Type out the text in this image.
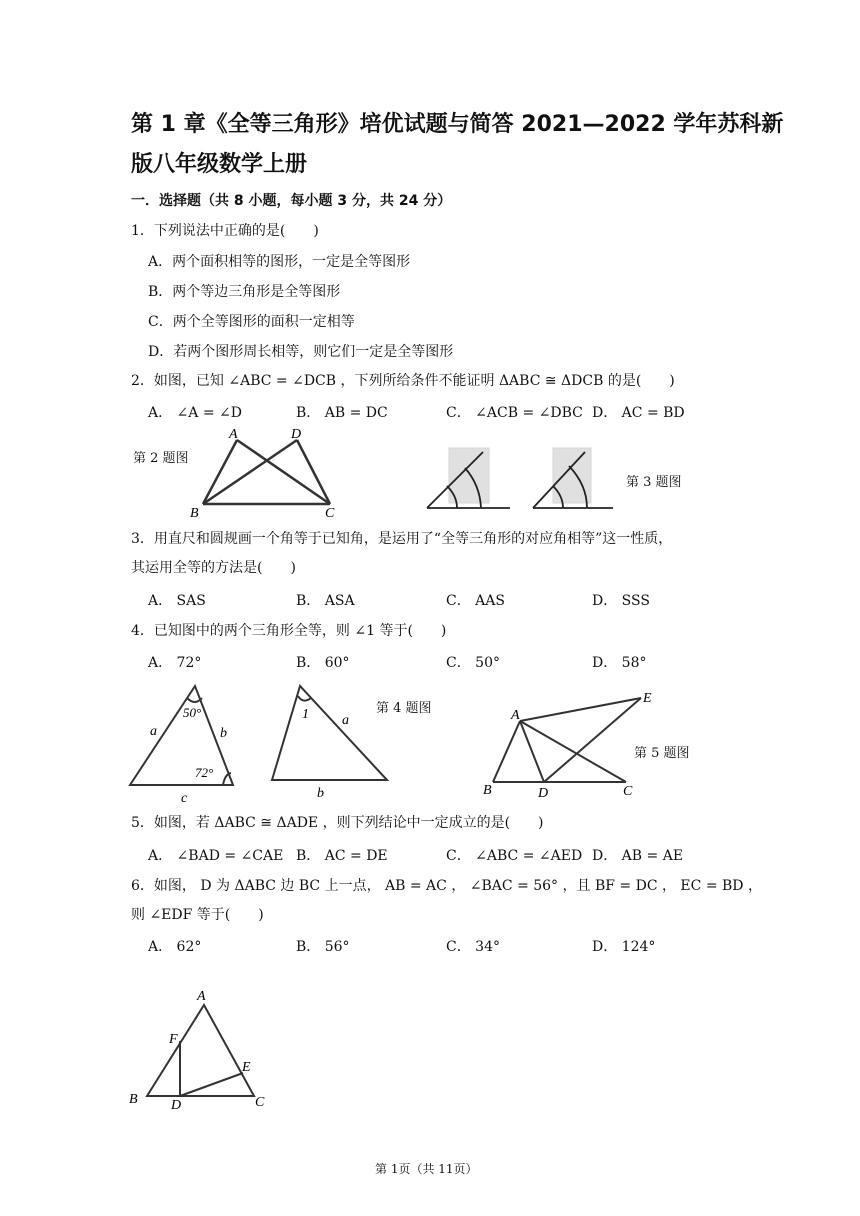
第 1 章《全等三角形》培优试题与简答 2021—2022 学年苏科新
版八年级数学上册
一．选择题（共 8 小题，每小题 3 分，共 24 分）
1．下列说法中正确的是(　　)
A．两个面积相等的图形，一定是全等图形
B．两个等边三角形是全等图形
C．两个全等图形的面积一定相等
D．若两个图形周长相等，则它们一定是全等图形
2．如图，已知 ∠ABC = ∠DCB ，下列所给条件不能证明 ΔABC ≅ ΔDCB 的是(　　)
A． ∠A = ∠D	B． AB = DC	C． ∠ACB = ∠DBC D． AC = BD
第 2 题图
A	D
B	C
第 3 题图
3．用直尺和圆规画一个角等于已知角，是运用了“全等三角形的对应角相等”这一性质，
其运用全等的方法是(　　)
A． SAS	B． ASA	C． AAS	D． SSS
4．已知图中的两个三角形全等，则 ∠1 等于(　　)
A． 72°	B． 60°	C． 50°	D． 58°
50°
a	b
72°
c
1 a
b
第 4 题图	A
E
B	D	C
第 5 题图
5．如图，若 ΔABC ≅ ΔADE ，则下列结论中一定成立的是(　　)
A． ∠BAD = ∠CAE B． AC = DE	C． ∠ABC = ∠AED D． AB = AE
6．如图， D 为 ΔABC 边 BC 上一点， AB = AC ， ∠BAC = 56° ，且 BF = DC ， EC = BD ，
则 ∠EDF 等于(　　)
A． 62°	B． 56°	C． 34°	D． 124°
A
F
E
B D	C
第 1页（共 11页）
